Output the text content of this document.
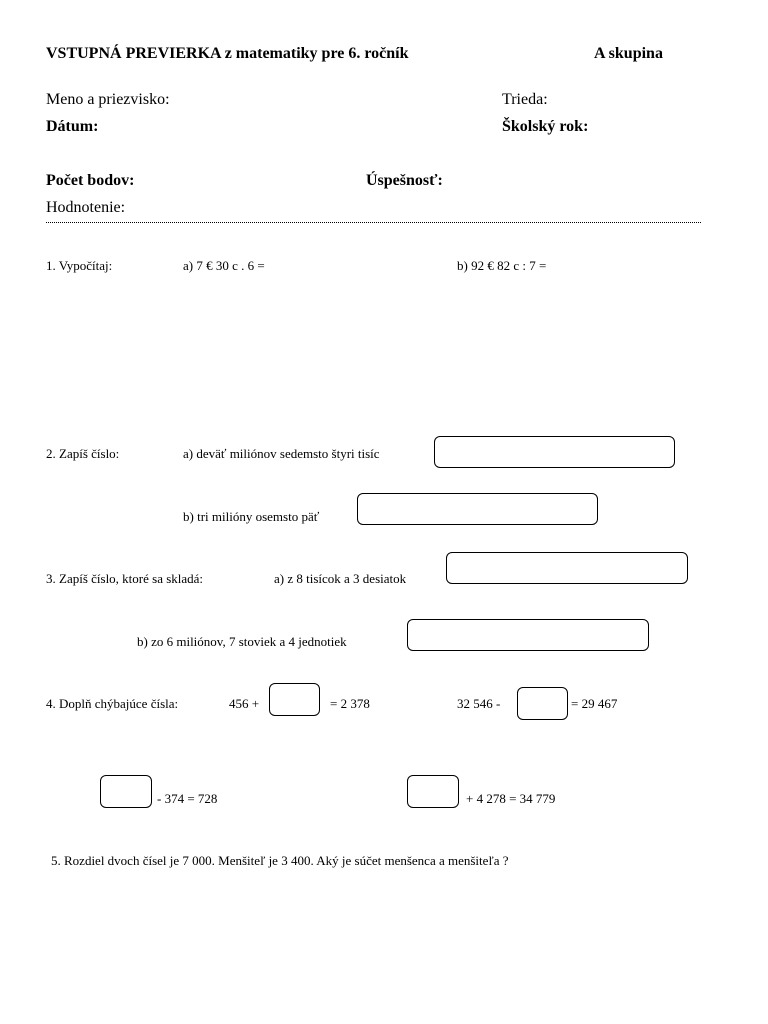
VSTUPNÁ PREVIERKA z matematiky pre 6. ročník	A skupina
Meno a priezvisko:	Trieda:
Dátum:	Školský rok:
Počet bodov:	Úspešnosť:
Hodnotenie:
1. Vypočítaj:	a) 7 € 30 c . 6 =	b) 92 € 82 c : 7 =
2. Zapíš číslo:	a) deväť miliónov sedemsto štyri tisíc
b) tri milióny osemsto päť
3. Zapíš číslo, ktoré sa skladá:	a) z 8 tisícok a 3 desiatok
b) zo 6 miliónov, 7 stoviek a 4 jednotiek
4. Doplň chýbajúce čísla:	456 +	= 2 378	32 546 -	= 29 467
- 374 = 728	+ 4 278 = 34 779
5. Rozdiel dvoch čísel je 7 000. Menšiteľ je 3 400. Aký je súčet menšenca a menšiteľa ?
